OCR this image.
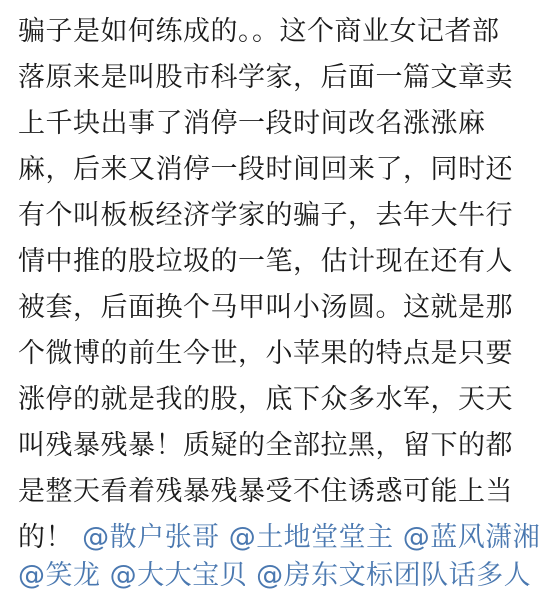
骗子是如何练成的。。这个商业女记者部
落原来是叫股市科学家，后面一篇文章卖
上千块出事了消停一段时间改名涨涨麻
麻，后来又消停一段时间回来了，同时还
有个叫板板经济学家的骗子，去年大牛行
情中推的股垃圾的一笔，估计现在还有人
被套，后面换个马甲叫小汤圆。这就是那
个微博的前生今世，小苹果的特点是只要
涨停的就是我的股，底下众多水军，天天
叫残暴残暴！质疑的全部拉黑，留下的都
是整天看着残暴残暴受不住诱惑可能上当
的！ @散户张哥 @土地堂堂主 @蓝风潇湘
@笑龙 @大大宝贝 @房东文标团队话多人
